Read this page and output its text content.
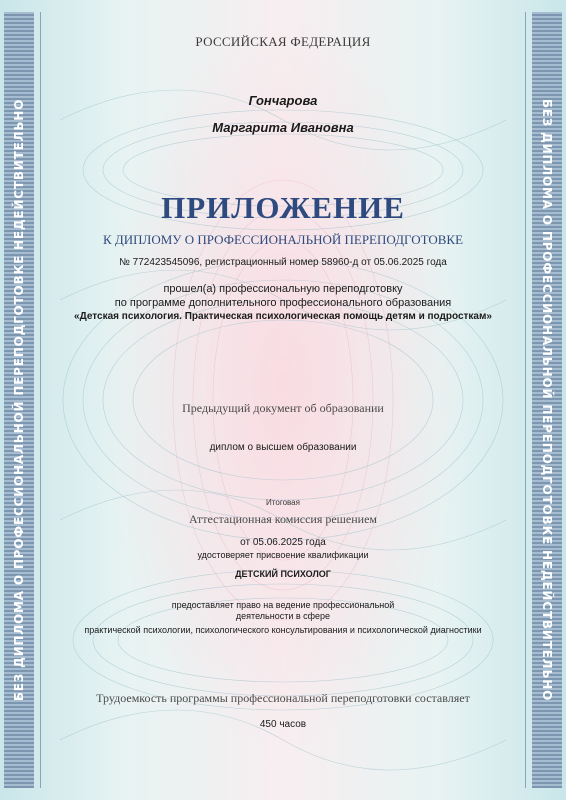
БЕЗ ДИПЛОМА О ПРОФЕССИОНАЛЬНОЙ ПЕРЕПОДГОТОВКЕ НЕДЕЙСТВИТЕЛЬНО	БЕЗ ДИПЛОМА О ПРОФЕССИОНАЛЬНОЙ ПЕРЕПОДГОТОВКЕ НЕДЕЙСТВИТЕЛЬНО

РОССИЙСКАЯ ФЕДЕРАЦИЯ

Гончарова

Маргарита Ивановна

ПРИЛОЖЕНИЕ

К ДИПЛОМУ О ПРОФЕССИОНАЛЬНОЙ ПЕРЕПОДГОТОВКЕ

№ 772423545096, регистрационный номер 58960-д от 05.06.2025 года

прошел(а) профессиональную переподготовку

по программе дополнительного профессионального образования

«Детская психология. Практическая психологическая помощь детям и подросткам»

Предыдущий документ об образовании

диплом о высшем образовании

Итоговая

Аттестационная комиссия решением

от 05.06.2025 года

удостоверяет присвоение квалификации

ДЕТСКИЙ ПСИХОЛОГ

предоставляет право на ведение профессиональной

деятельности в сфере

практической психологии, психологического консультирования и психологической диагностики

Трудоемкость программы профессиональной переподготовки составляет

450 часов
